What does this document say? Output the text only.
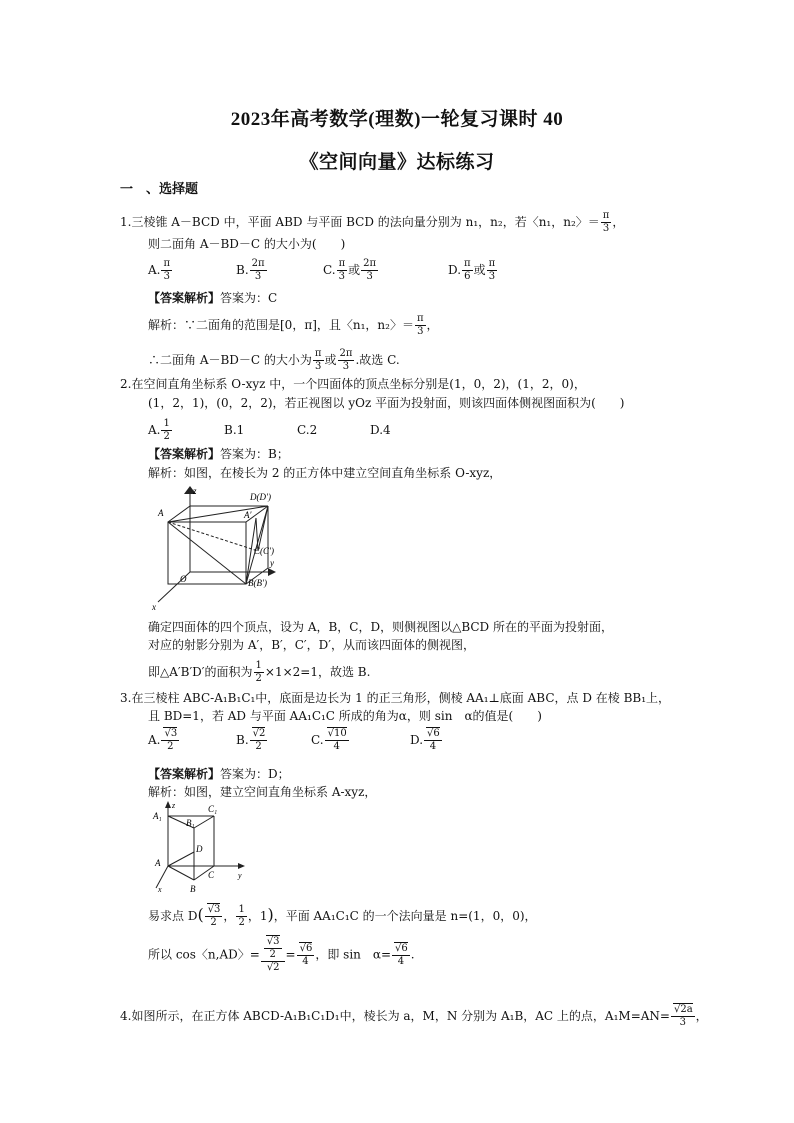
2023年高考数学(理数)一轮复习课时 40
《空间向量》达标练习
一　、选择题
1.三棱锥 A－BCD 中，平面 ABD 与平面 BCD 的法向量分别为 n₁，n₂，若〈n₁，n₂〉＝ $\frac{\pi}{3}$ ，
则二面角 A－BD－C 的大小为(　　)
A. $\frac{\pi}{3}$	B. $\frac{2\pi}{3}$	C. $\frac{\pi}{3}$ 或 $\frac{2\pi}{3}$	D. $\frac{\pi}{6}$ 或 $\frac{\pi}{3}$
【答案解析】答案为：C
解析：∵二面角的范围是[0，π]，且〈n₁，n₂〉＝ $\frac{\pi}{3}$ ，
∴二面角 A－BD－C 的大小为 $\frac{\pi}{3}$ 或 $\frac{2\pi}{3}$ .故选 C.
2.在空间直角坐标系 O-xyz 中，一个四面体的顶点坐标分别是(1，0，2)，(1，2，0)，
(1，2，1)，(0，2，2)，若正视图以 yOz 平面为投射面，则该四面体侧视图面积为(　　)
A. $\frac{1}{2}$	B.1	C.2	D.4
【答案解析】答案为：B；
解析：如图，在棱长为 2 的正方体中建立空间直角坐标系 O-xyz，
z
y
x
O
A	A′
D(D′)
C(C′)
B(B′)
确定四面体的四个顶点，设为 A，B，C，D，则侧视图以△BCD 所在的平面为投射面，
对应的射影分别为 A′，B′，C′，D′，从而该四面体的侧视图，
即△A′B′D′的面积为 $\frac{1}{2} \times 1\times 2=1$，故选 B.
3.在三棱柱 ABC-A₁B₁C₁中，底面是边长为 1 的正三角形，侧棱 AA₁⊥底面 ABC，点 D 在棱 BB₁上，
且 BD=1，若 AD 与平面 AA₁C₁C 所成的角为α，则 sin　α的值是(　　)
A. $\frac{√3}{2}$	B. $\frac{√2}{2}$	C. $\frac{√10}{4}$	D. $\frac{√6}{4}$
【答案解析】答案为：D；
解析：如图，建立空间直角坐标系 A-xyz，
z
y
x
A₁
B₁
C₁
A
D
B
C
易求点 $D( \frac{√3}{2}$ ， $\frac{1}{2}$ ，1)，平面 AA₁C₁C 的一个法向量是 n=(1，0，0)，
所以 cos〈n,AD〉= $\frac{\frac{√3}{2}}{√2} = \frac{√6}{4}$ ，即 sin　$\alpha= \frac{√6}{4}$ .
4.如图所示，在正方体 ABCD-A₁B₁C₁D₁中，棱长为 a，M，N 分别为 A₁B，AC 上的点，$A_1M=AN= \frac{√2a}{3}$ ，
